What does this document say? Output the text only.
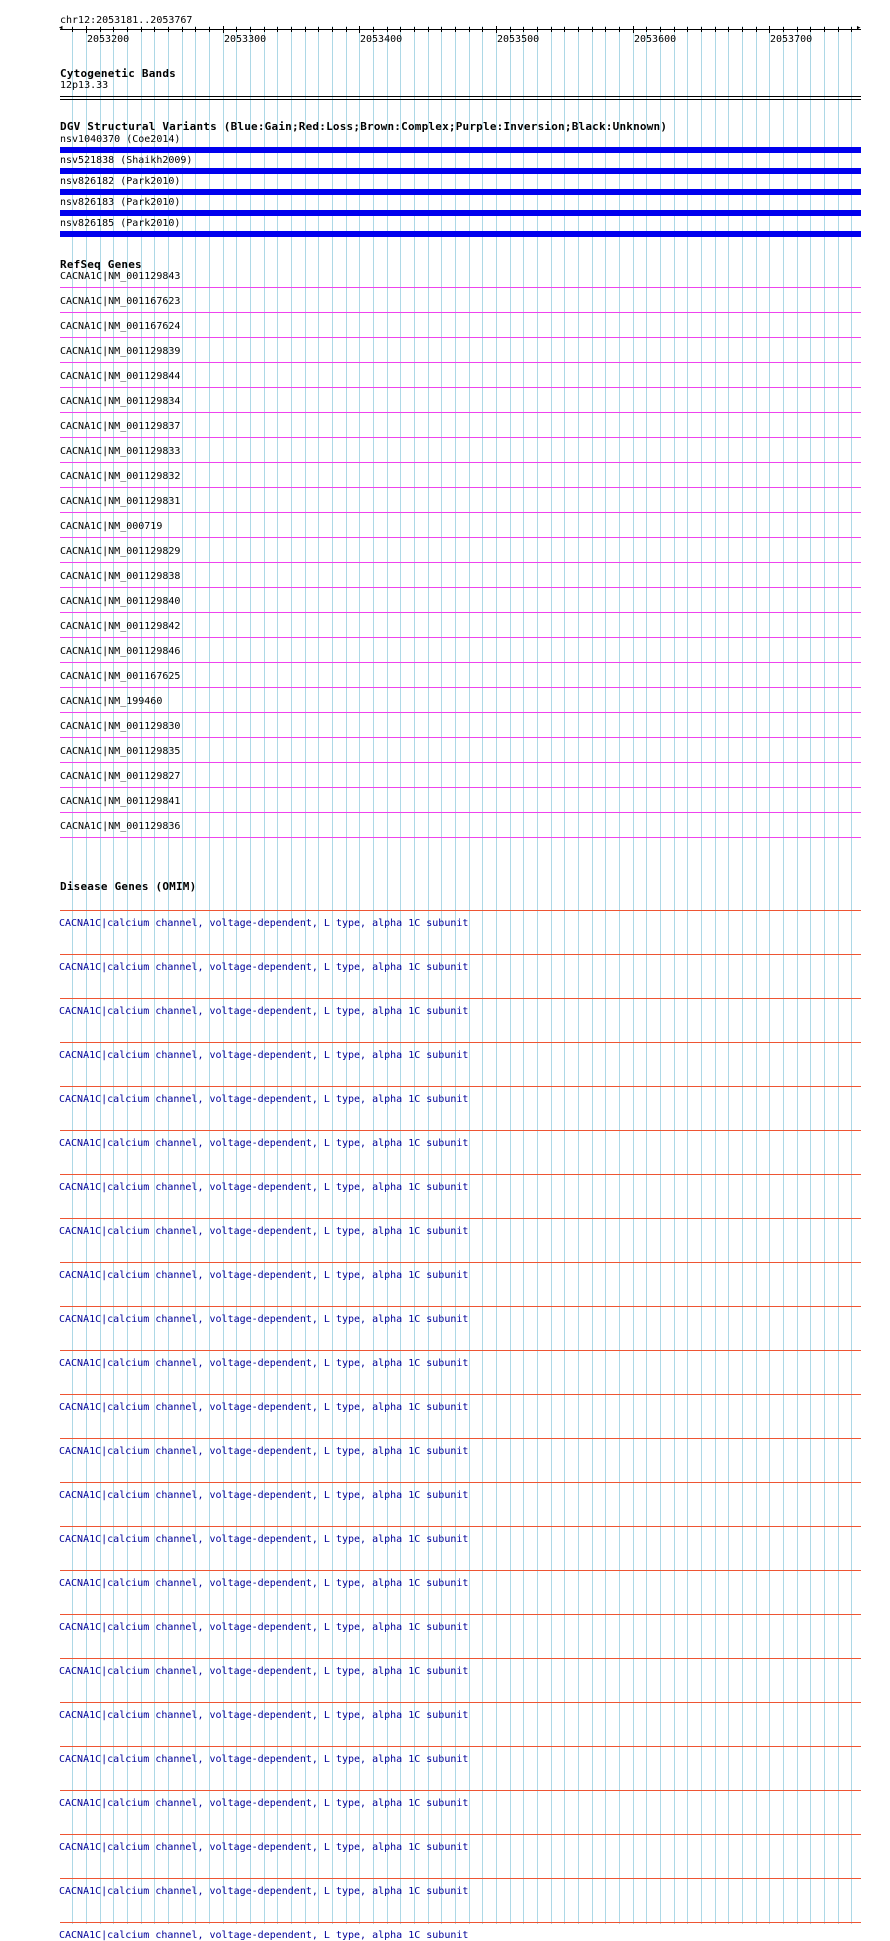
chr12:2053181..2053767
◂	▸
2053200	2053300	2053400	2053500	2053600	2053700
Cytogenetic Bands
12p13.33
DGV Structural Variants (Blue:Gain;Red:Loss;Brown:Complex;Purple:Inversion;Black:Unknown)
nsv1040370 (Coe2014)
nsv521838 (Shaikh2009)
nsv826182 (Park2010)
nsv826183 (Park2010)
nsv826185 (Park2010)
RefSeq Genes
CACNA1C|NM_001129843
CACNA1C|NM_001167623
CACNA1C|NM_001167624
CACNA1C|NM_001129839
CACNA1C|NM_001129844
CACNA1C|NM_001129834
CACNA1C|NM_001129837
CACNA1C|NM_001129833
CACNA1C|NM_001129832
CACNA1C|NM_001129831
CACNA1C|NM_000719
CACNA1C|NM_001129829
CACNA1C|NM_001129838
CACNA1C|NM_001129840
CACNA1C|NM_001129842
CACNA1C|NM_001129846
CACNA1C|NM_001167625
CACNA1C|NM_199460
CACNA1C|NM_001129830
CACNA1C|NM_001129835
CACNA1C|NM_001129827
CACNA1C|NM_001129841
CACNA1C|NM_001129836
Disease Genes (OMIM)
CACNA1C|calcium channel, voltage-dependent, L type, alpha 1C subunit
CACNA1C|calcium channel, voltage-dependent, L type, alpha 1C subunit
CACNA1C|calcium channel, voltage-dependent, L type, alpha 1C subunit
CACNA1C|calcium channel, voltage-dependent, L type, alpha 1C subunit
CACNA1C|calcium channel, voltage-dependent, L type, alpha 1C subunit
CACNA1C|calcium channel, voltage-dependent, L type, alpha 1C subunit
CACNA1C|calcium channel, voltage-dependent, L type, alpha 1C subunit
CACNA1C|calcium channel, voltage-dependent, L type, alpha 1C subunit
CACNA1C|calcium channel, voltage-dependent, L type, alpha 1C subunit
CACNA1C|calcium channel, voltage-dependent, L type, alpha 1C subunit
CACNA1C|calcium channel, voltage-dependent, L type, alpha 1C subunit
CACNA1C|calcium channel, voltage-dependent, L type, alpha 1C subunit
CACNA1C|calcium channel, voltage-dependent, L type, alpha 1C subunit
CACNA1C|calcium channel, voltage-dependent, L type, alpha 1C subunit
CACNA1C|calcium channel, voltage-dependent, L type, alpha 1C subunit
CACNA1C|calcium channel, voltage-dependent, L type, alpha 1C subunit
CACNA1C|calcium channel, voltage-dependent, L type, alpha 1C subunit
CACNA1C|calcium channel, voltage-dependent, L type, alpha 1C subunit
CACNA1C|calcium channel, voltage-dependent, L type, alpha 1C subunit
CACNA1C|calcium channel, voltage-dependent, L type, alpha 1C subunit
CACNA1C|calcium channel, voltage-dependent, L type, alpha 1C subunit
CACNA1C|calcium channel, voltage-dependent, L type, alpha 1C subunit
CACNA1C|calcium channel, voltage-dependent, L type, alpha 1C subunit
CACNA1C|calcium channel, voltage-dependent, L type, alpha 1C subunit
